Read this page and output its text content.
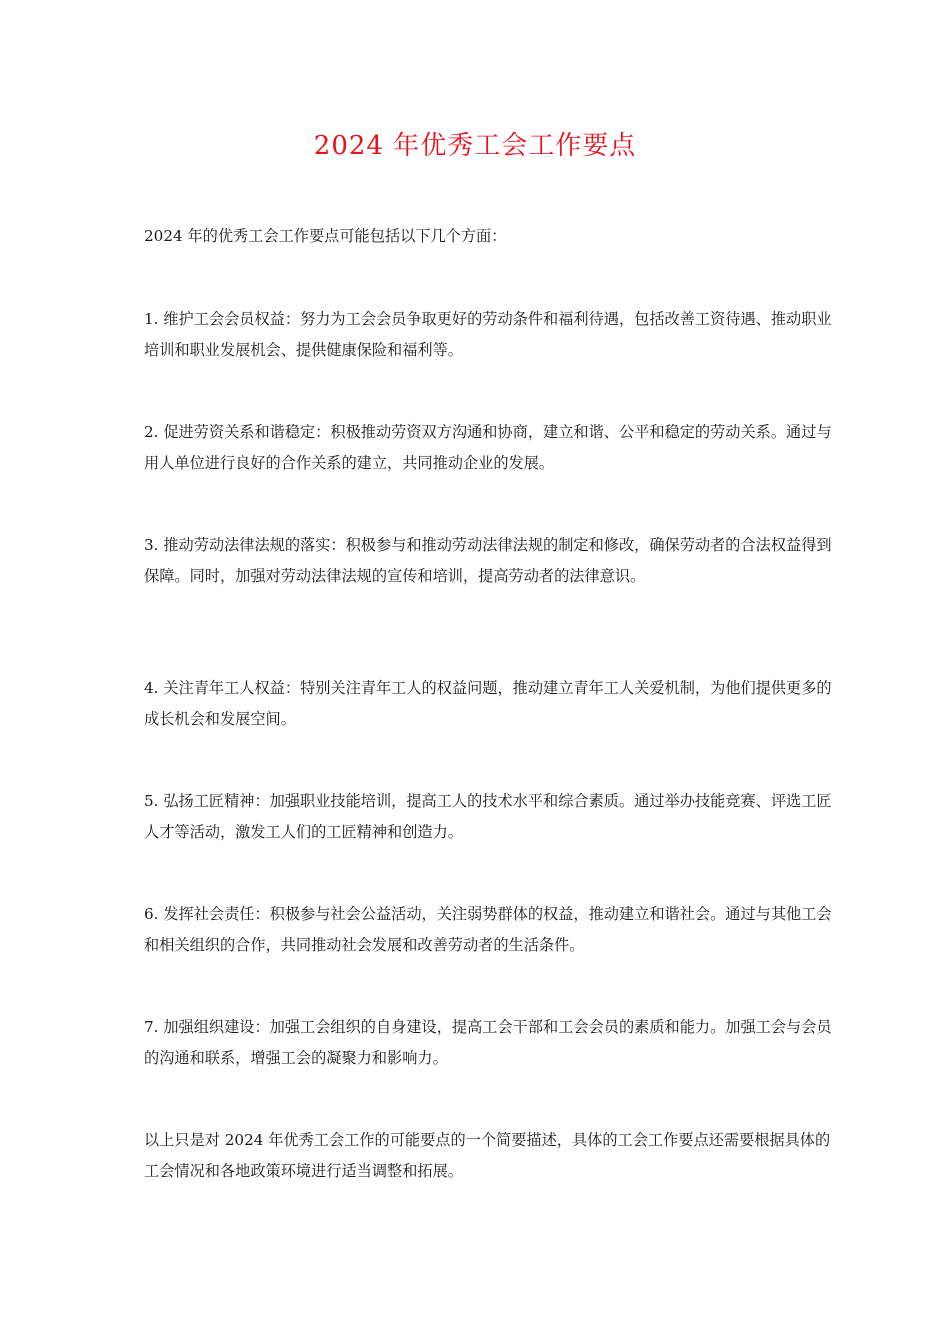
2024 年优秀工会工作要点

2024 年的优秀工会工作要点可能包括以下几个方面：

1. 维护工会会员权益：努力为工会会员争取更好的劳动条件和福利待遇，包括改善工资待遇、推动职业培训和职业发展机会、提供健康保险和福利等。

2. 促进劳资关系和谐稳定：积极推动劳资双方沟通和协商，建立和谐、公平和稳定的劳动关系。通过与用人单位进行良好的合作关系的建立，共同推动企业的发展。

3. 推动劳动法律法规的落实：积极参与和推动劳动法律法规的制定和修改，确保劳动者的合法权益得到保障。同时，加强对劳动法律法规的宣传和培训，提高劳动者的法律意识。

4. 关注青年工人权益：特别关注青年工人的权益问题，推动建立青年工人关爱机制，为他们提供更多的成长机会和发展空间。

5. 弘扬工匠精神：加强职业技能培训，提高工人的技术水平和综合素质。通过举办技能竞赛、评选工匠人才等活动，激发工人们的工匠精神和创造力。

6. 发挥社会责任：积极参与社会公益活动，关注弱势群体的权益，推动建立和谐社会。通过与其他工会和相关组织的合作，共同推动社会发展和改善劳动者的生活条件。

7. 加强组织建设：加强工会组织的自身建设，提高工会干部和工会会员的素质和能力。加强工会与会员的沟通和联系，增强工会的凝聚力和影响力。

以上只是对 2024 年优秀工会工作的可能要点的一个简要描述，具体的工会工作要点还需要根据具体的工会情况和各地政策环境进行适当调整和拓展。
